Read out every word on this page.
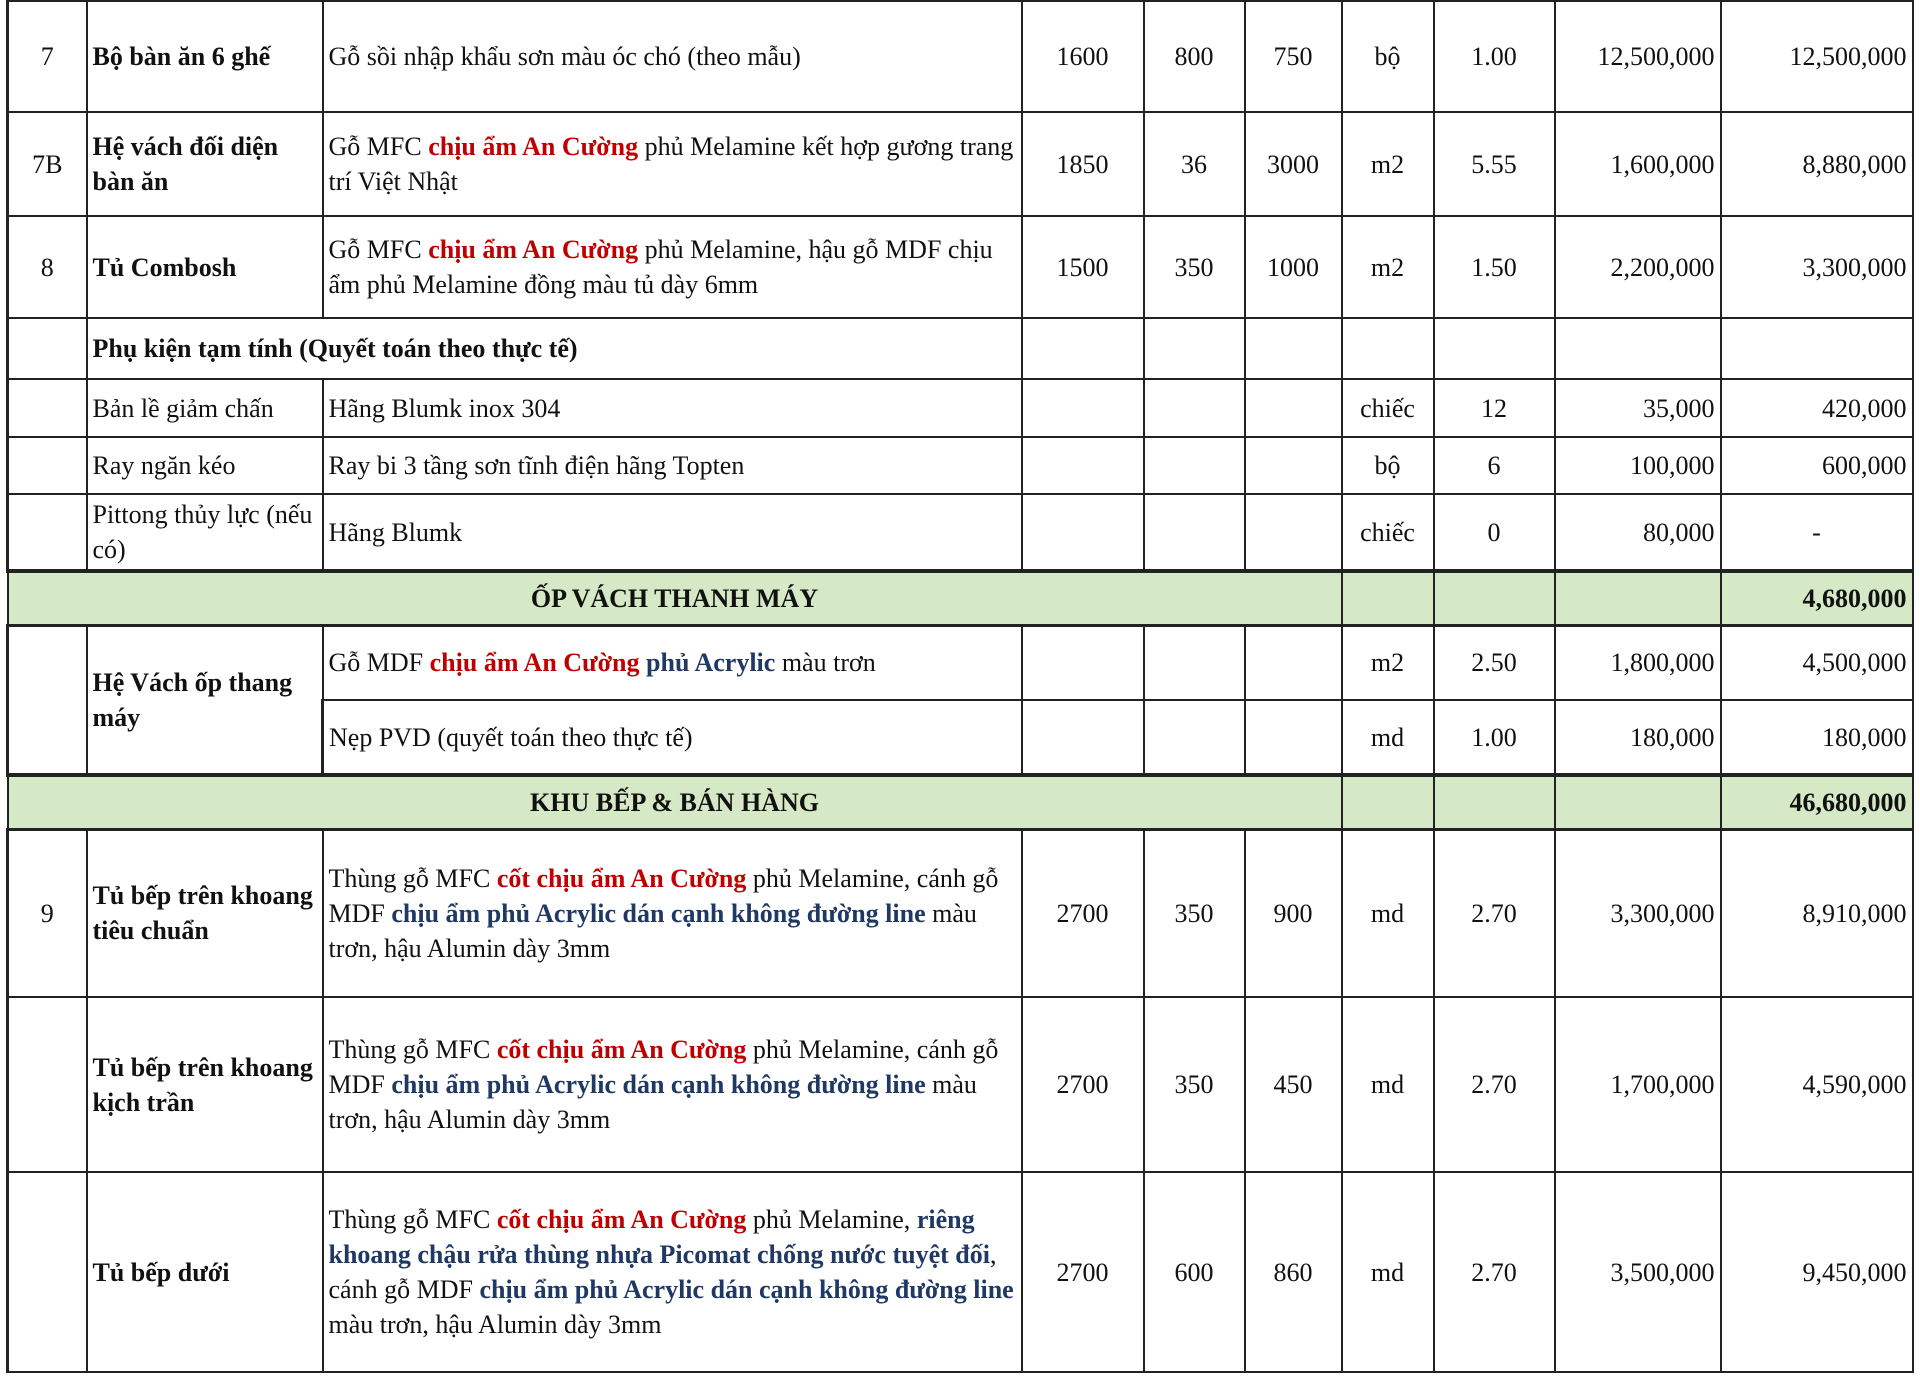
7	Bộ bàn ăn 6 ghế	Gỗ sồi nhập khẩu sơn màu óc chó (theo mẫu)	1600	800	750	bộ	1.00	12,500,000	12,500,000
7B	Hệ vách đối diện bàn ăn	Gỗ MFC chịu ẩm An Cường phủ Melamine kết hợp gương trang trí Việt Nhật	1850	36	3000	m2	5.55	1,600,000	8,880,000
8	Tủ Combosh	Gỗ MFC chịu ẩm An Cường phủ Melamine, hậu gỗ MDF chịu ẩm phủ Melamine đồng màu tủ dày 6mm	1500	350	1000	m2	1.50	2,200,000	3,300,000
	Phụ kiện tạm tính (Quyết toán theo thực tế)								
	Bản lề giảm chấn	Hãng Blumk inox 304				chiếc	12	35,000	420,000
	Ray ngăn kéo	Ray bi 3 tầng sơn tĩnh điện hãng Topten				bộ	6	100,000	600,000
	Pittong thủy lực (nếu có)	Hãng Blumk				chiếc	0	80,000	-
ỐP VÁCH THANH MÁY									4,680,000
	Hệ Vách ốp thang máy	Gỗ MDF chịu ẩm An Cường phủ Acrylic màu trơn				m2	2.50	1,800,000	4,500,000
		Nẹp PVD (quyết toán theo thực tế)				md	1.00	180,000	180,000
KHU BẾP & BÁN HÀNG									46,680,000
9	Tủ bếp trên khoang tiêu chuẩn	Thùng gỗ MFC cốt chịu ẩm An Cường phủ Melamine, cánh gỗ MDF chịu ẩm phủ Acrylic dán cạnh không đường line màu trơn, hậu Alumin dày 3mm	2700	350	900	md	2.70	3,300,000	8,910,000
	Tủ bếp trên khoang kịch trần	Thùng gỗ MFC cốt chịu ẩm An Cường phủ Melamine, cánh gỗ MDF chịu ẩm phủ Acrylic dán cạnh không đường line màu trơn, hậu Alumin dày 3mm	2700	350	450	md	2.70	1,700,000	4,590,000
	Tủ bếp dưới	Thùng gỗ MFC cốt chịu ẩm An Cường phủ Melamine, riêng khoang chậu rửa thùng nhựa Picomat chống nước tuyệt đối, cánh gỗ MDF chịu ẩm phủ Acrylic dán cạnh không đường line màu trơn, hậu Alumin dày 3mm	2700	600	860	md	2.70	3,500,000	9,450,000
